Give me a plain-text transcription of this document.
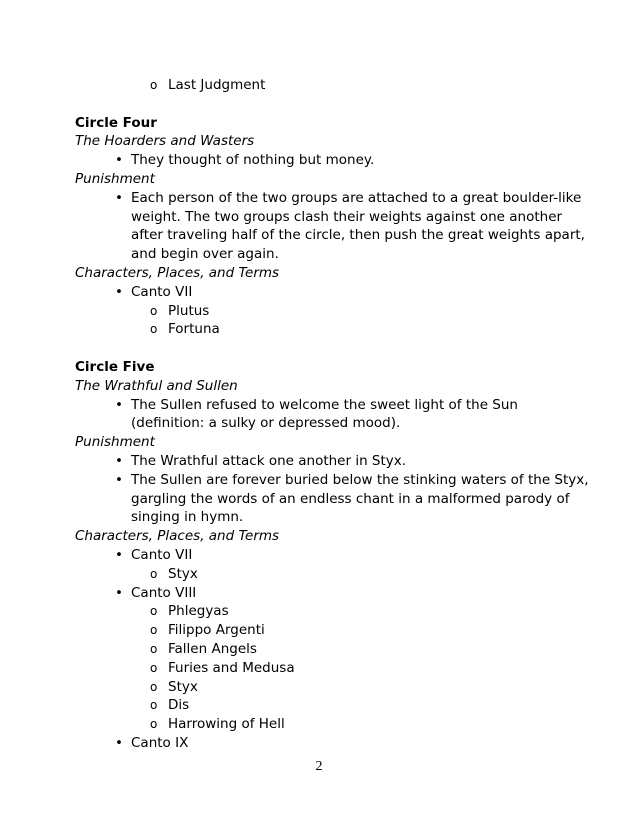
o Last Judgment
Circle Four
The Hoarders and Wasters
• They thought of nothing but money.
Punishment
• Each person of the two groups are attached to a great boulder-like
weight. The two groups clash their weights against one another
after traveling half of the circle, then push the great weights apart,
and begin over again.
Characters, Places, and Terms
• Canto VII
o Plutus
o Fortuna
Circle Five
The Wrathful and Sullen
• The Sullen refused to welcome the sweet light of the Sun
(definition: a sulky or depressed mood).
Punishment
• The Wrathful attack one another in Styx.
• The Sullen are forever buried below the stinking waters of the Styx,
gargling the words of an endless chant in a malformed parody of
singing in hymn.
Characters, Places, and Terms
• Canto VII
o Styx
• Canto VIII
o Phlegyas
o Filippo Argenti
o Fallen Angels
o Furies and Medusa
o Styx
o Dis
o Harrowing of Hell
• Canto IX
2
